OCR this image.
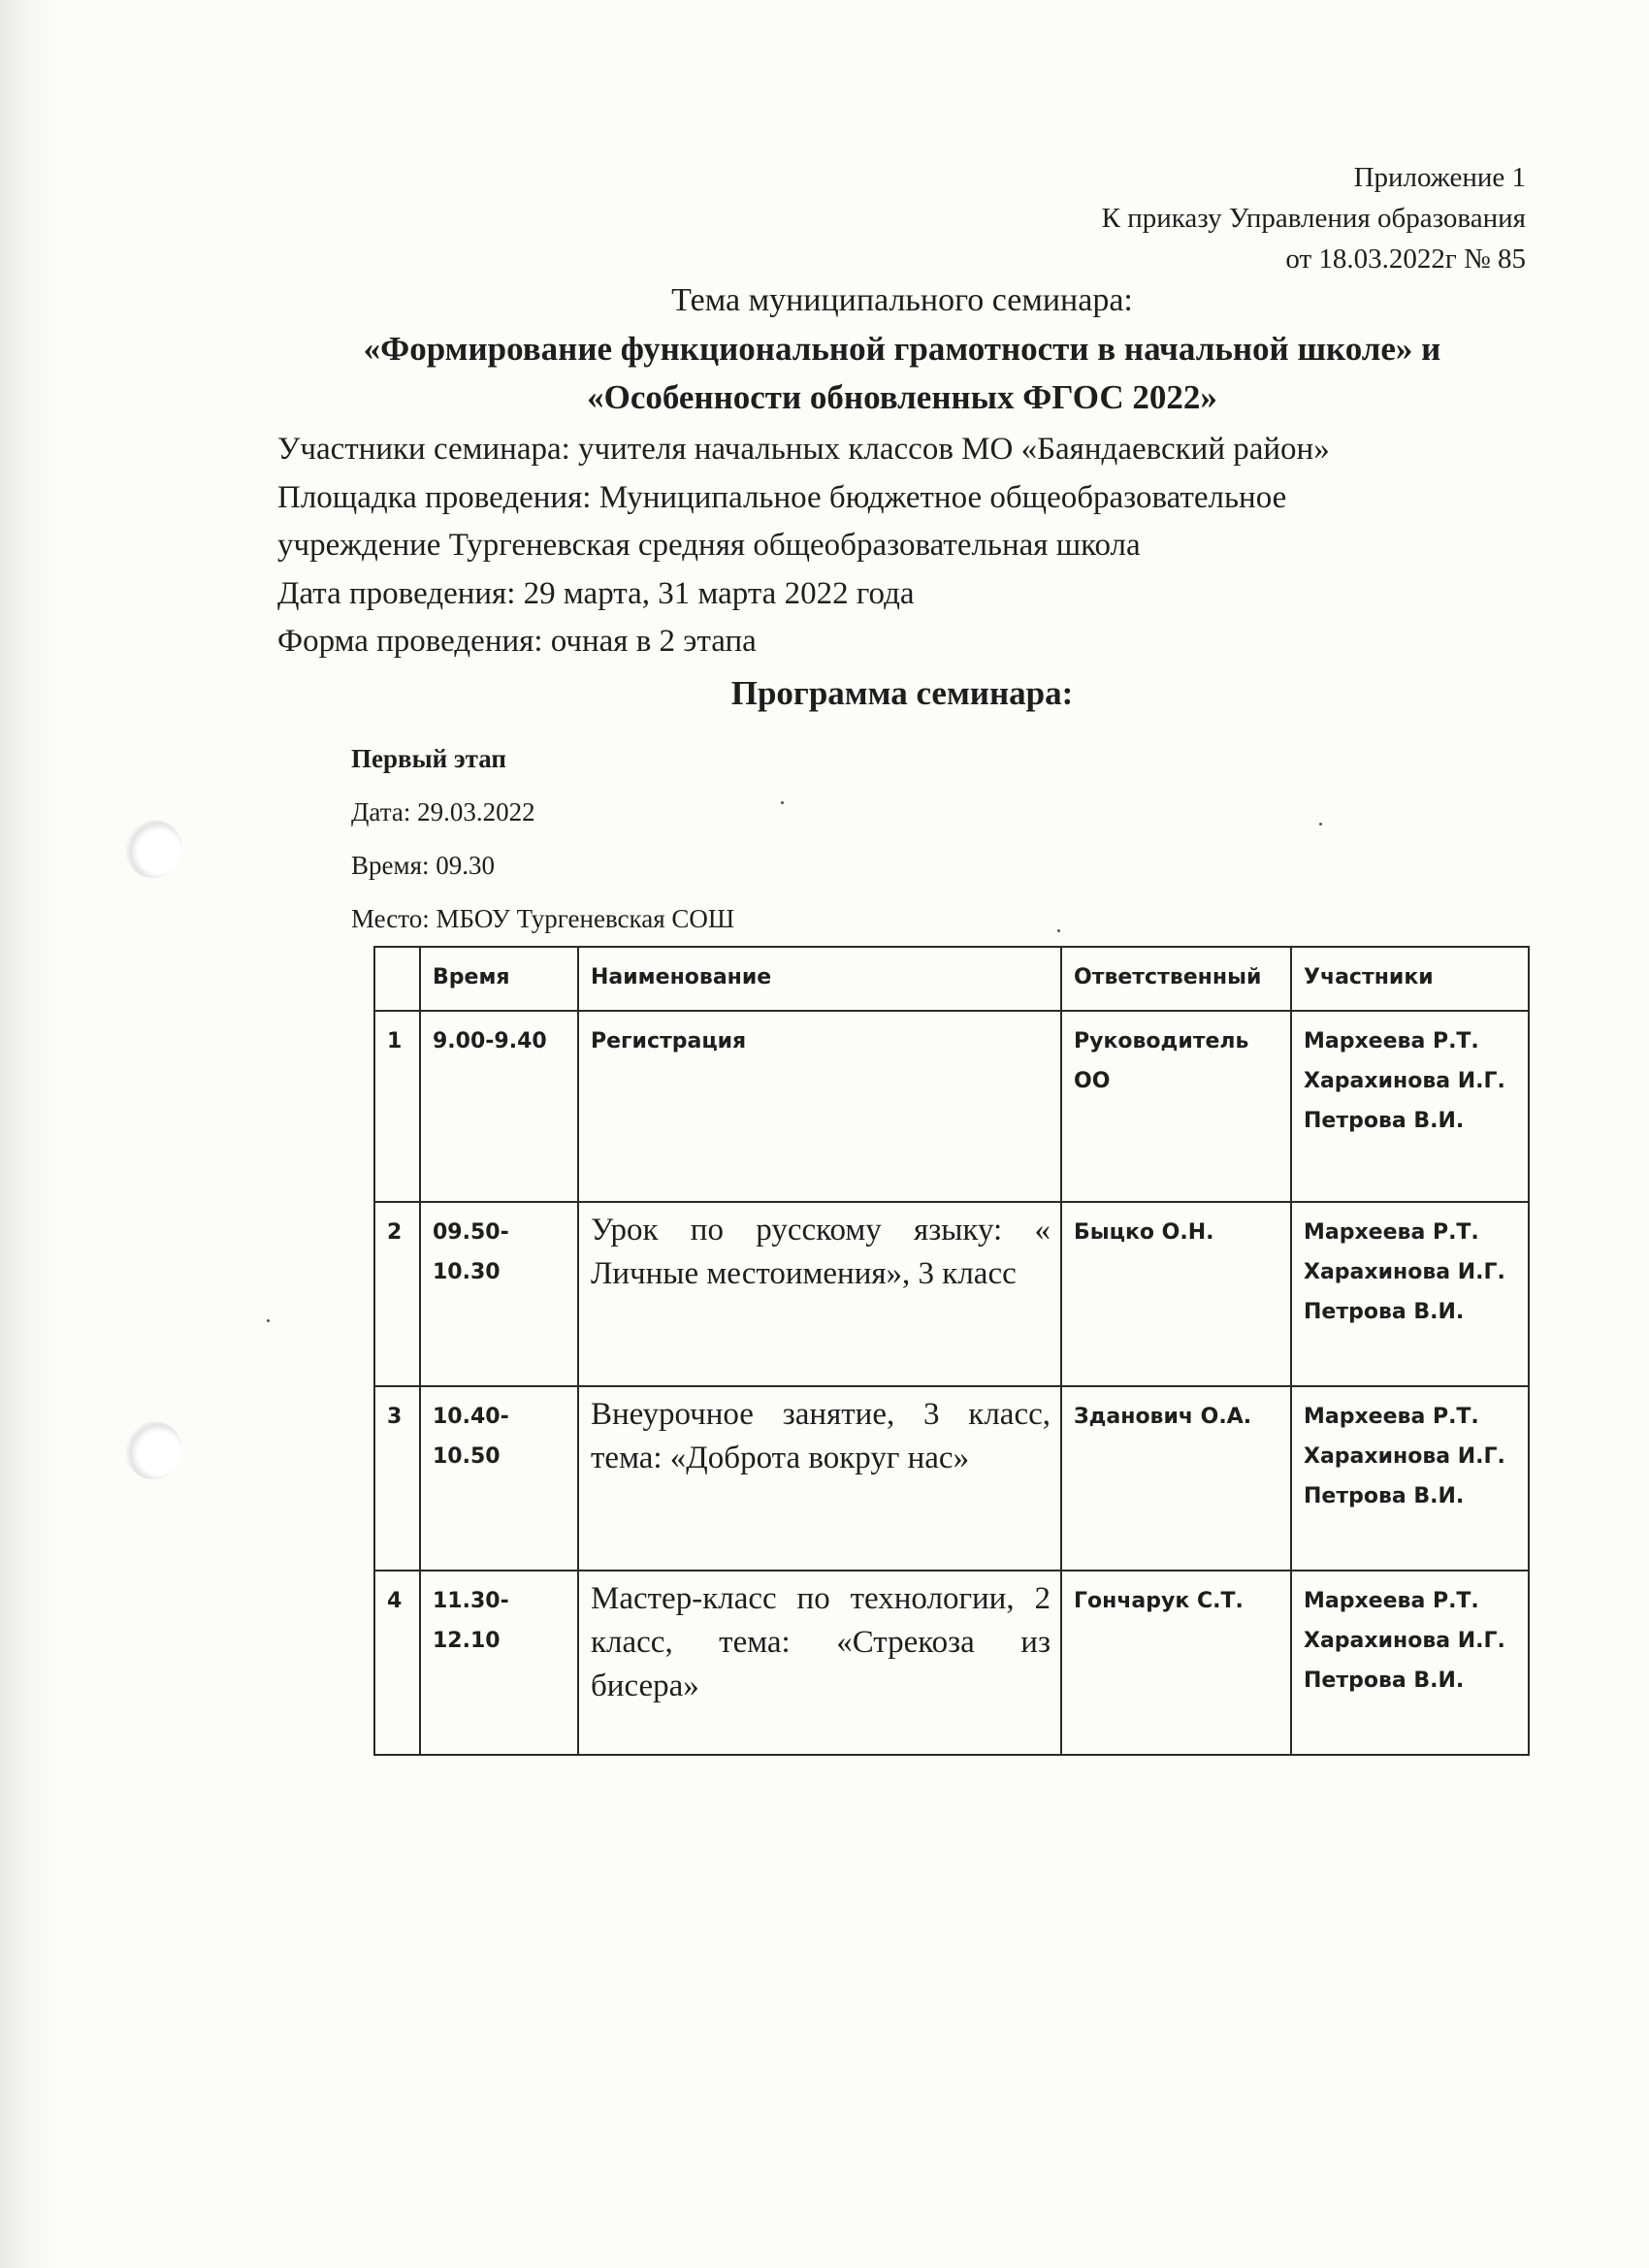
Приложение 1
К приказу Управления образования
от 18.03.2022г № 85
Тема муниципального семинара:
«Формирование функциональной грамотности в начальной школе» и
«Особенности обновленных ФГОС 2022»
Участники семинара: учителя начальных классов МО «Баяндаевский район»
Площадка проведения: Муниципальное бюджетное общеобразовательное
учреждение Тургеневская средняя общеобразовательная школа
Дата проведения: 29 марта, 31 марта 2022 года
Форма проведения: очная в 2 этапа
Программа семинара:
Первый этап
Дата: 29.03.2022
Время: 09.30
Место: МБОУ Тургеневская СОШ
	Время	Наименование	Ответственный	Участники
1	9.00-9.40	Регистрация	Руководитель ОО	Мархеева Р.Т.
Харахинова И.Г.
Петрова В.И.

2	09.50-10.30	Урок по русскому языку: « Личные местоимения», 3 класс	Быцко О.Н.	Мархеева Р.Т.
Харахинова И.Г.
Петрова В.И.

3	10.40-10.50	Внеурочное занятие, 3 класс, тема: «Доброта вокруг нас»	Зданович О.А.	Мархеева Р.Т.
Харахинова И.Г.
Петрова В.И.

4	11.30-12.10	Мастер-класс по технологии, 2 класс, тема: «Стрекоза из бисера»	Гончарук С.Т.	Мархеева Р.Т.
Харахинова И.Г.
Петрова В.И.
